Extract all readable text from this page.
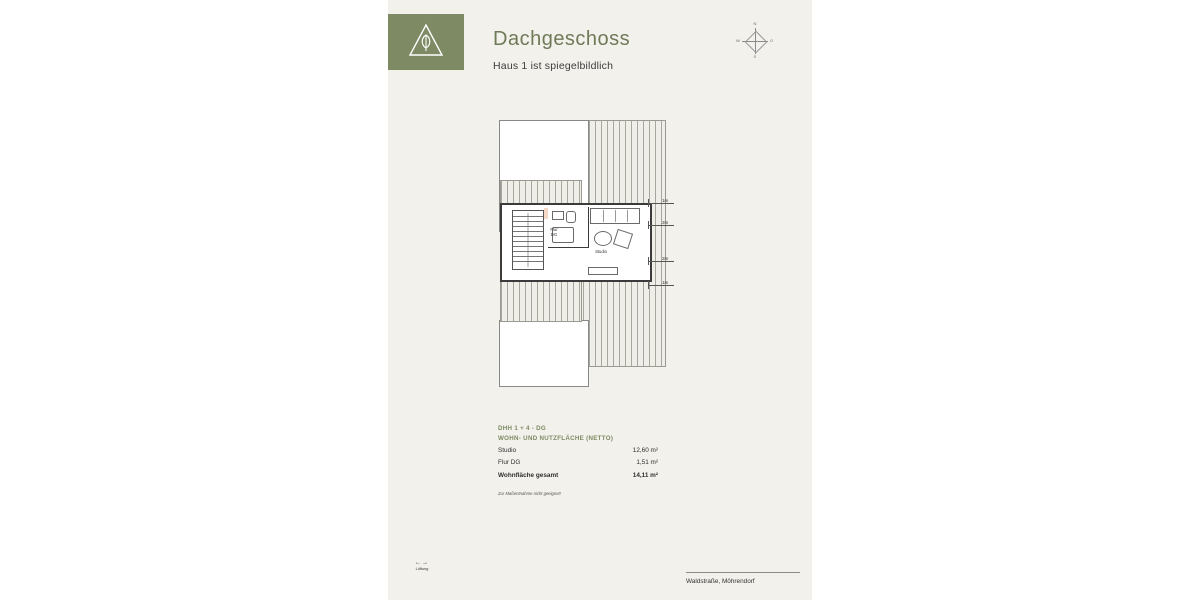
Dachgeschoss
Haus 1 ist spiegelbildlich
N
S
W	O
Flur
DG
Studio
1m
2m
2m
1m
DHH 1 + 4 - DG
WOHN- UND NUTZFLÄCHE (NETTO)
Studio	12,60 m²
Flur DG	1,51 m²
Wohnfläche gesamt	14,11 m²
Zur Maßentnahme nicht geeignet!
←→
Lüftung
Waldstraße, Möhrendorf
